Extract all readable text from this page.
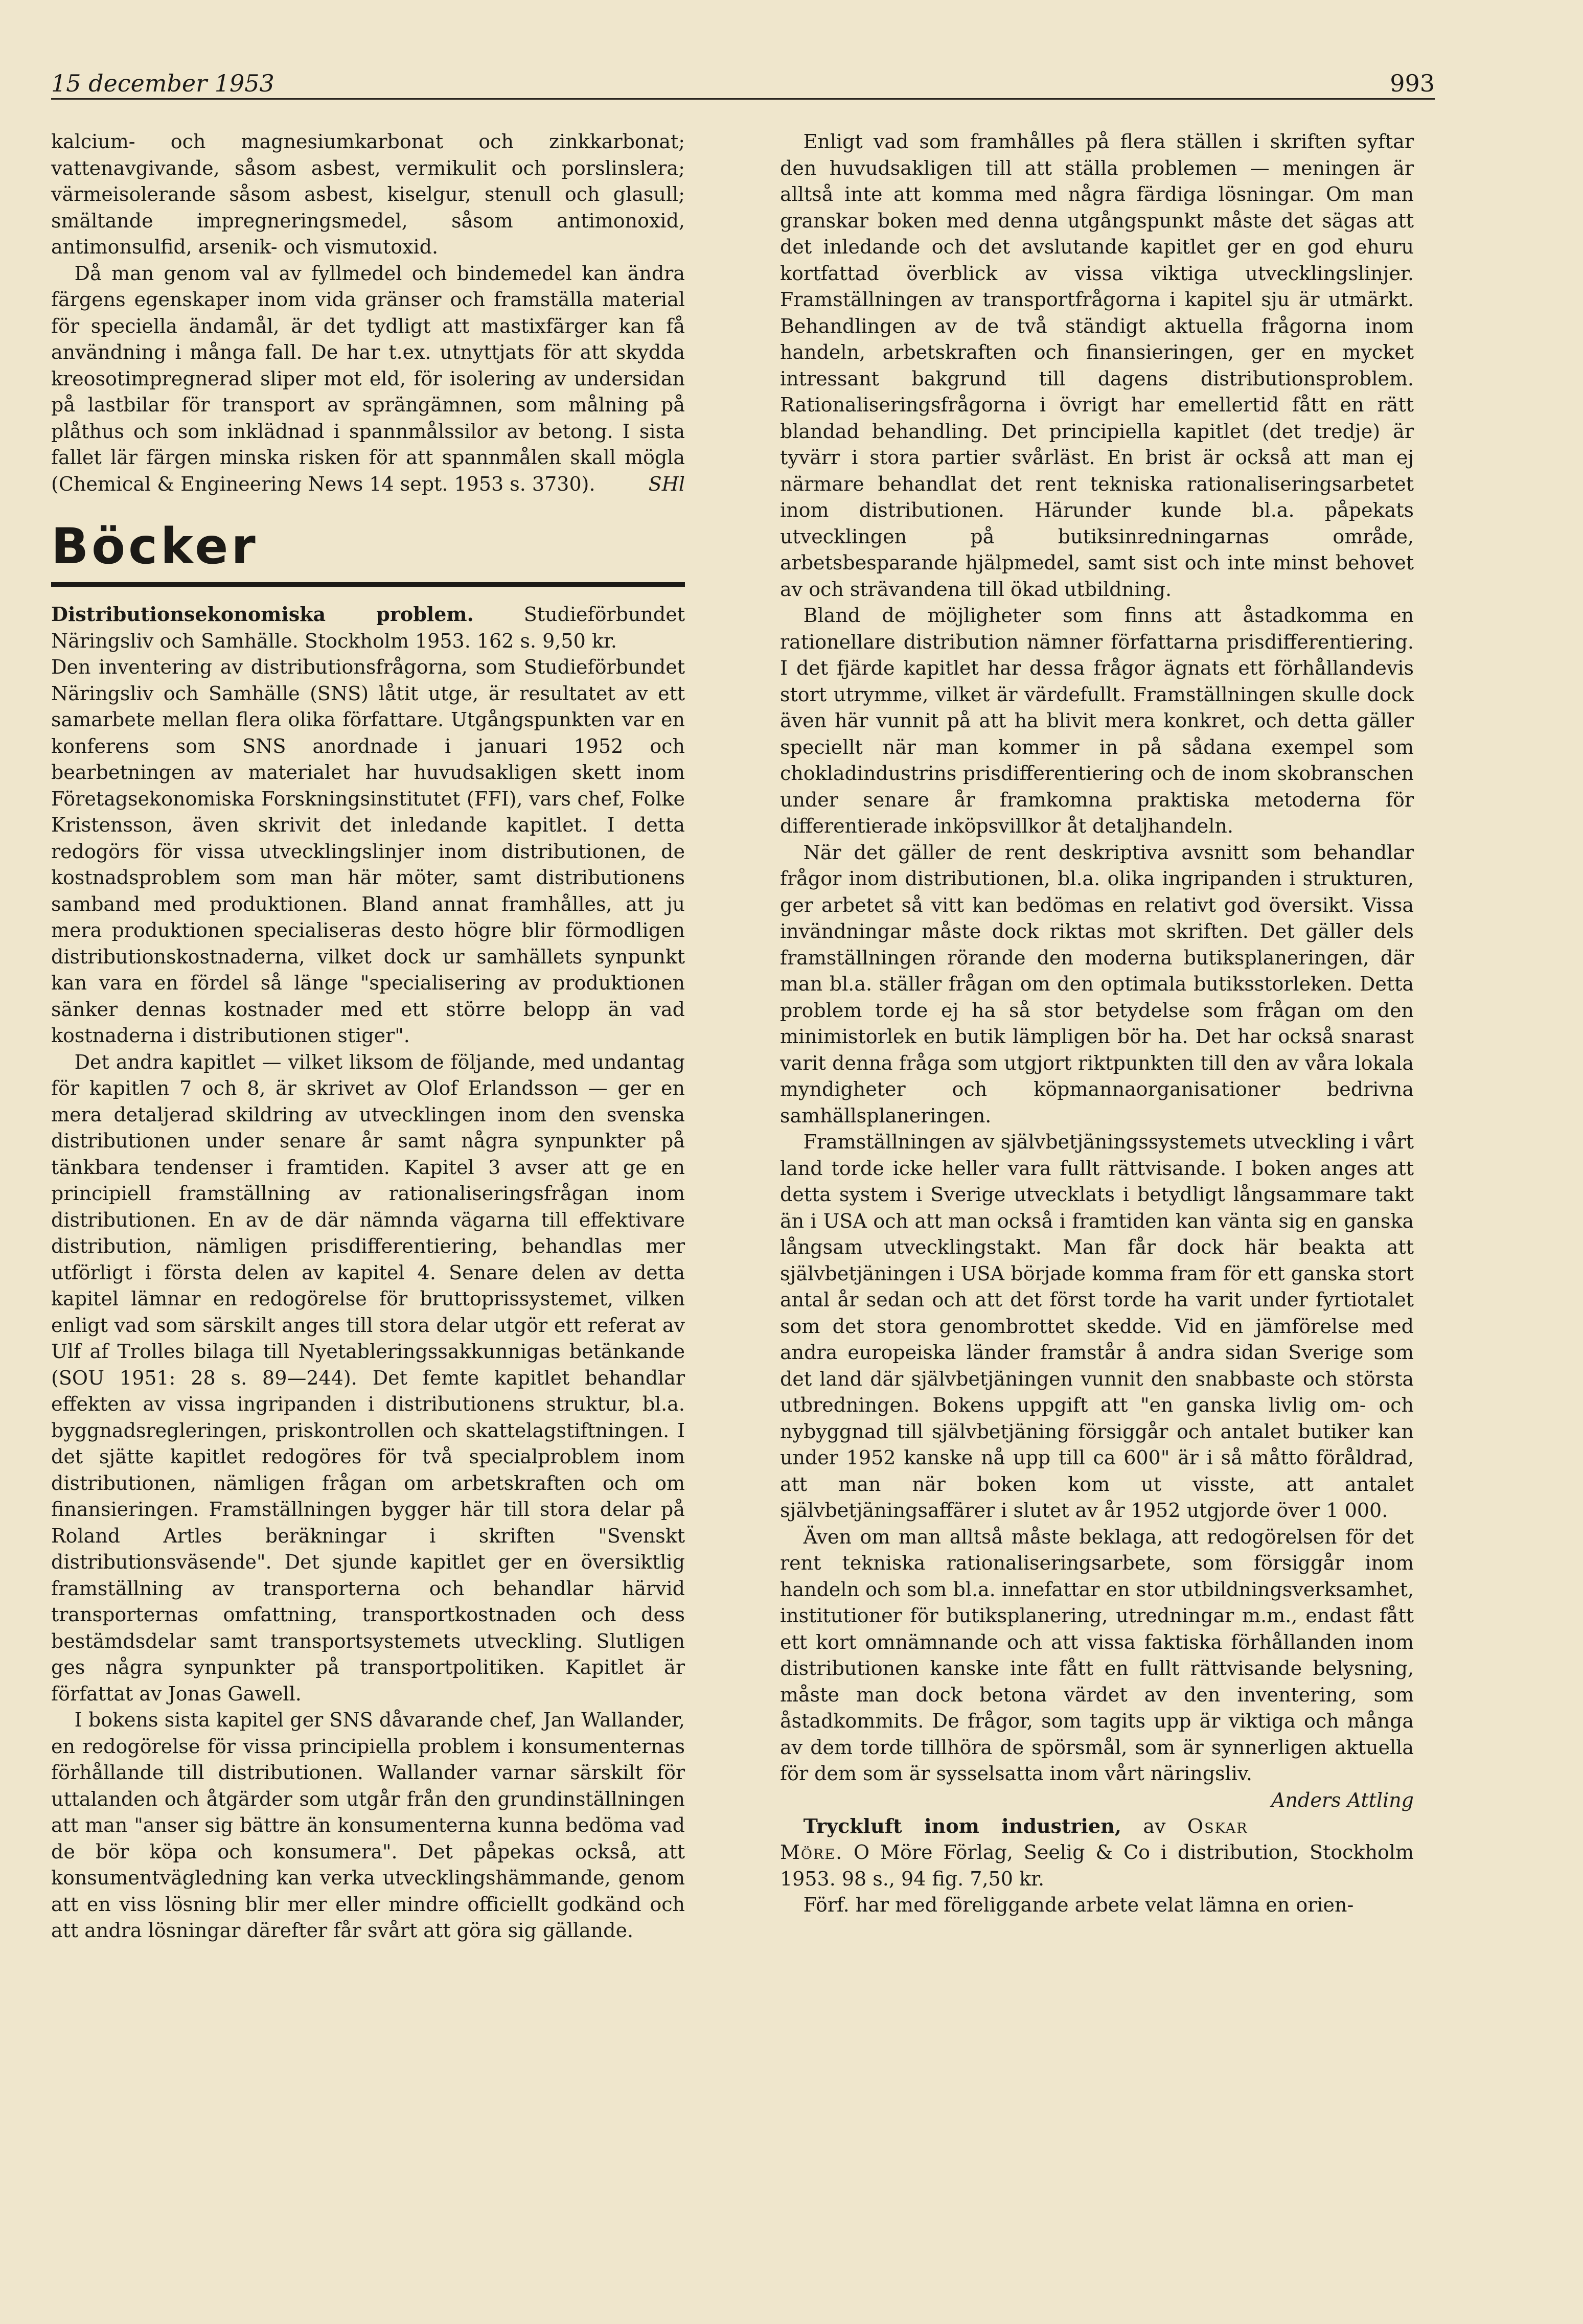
15 december 1953	993

kalcium- och magnesiumkarbonat och zinkkarbonat; vattenavgivande, såsom asbest, vermikulit och porslinslera; värmeisolerande såsom asbest, kiselgur, stenull och glasull; smältande impregneringsmedel, såsom antimonoxid, antimonsulfid, arsenik- och vismutoxid.

Då man genom val av fyllmedel och bindemedel kan ändra färgens egenskaper inom vida gränser och framställa material för speciella ändamål, är det tydligt att mastixfärger kan få användning i många fall. De har t.ex. utnyttjats för att skydda kreosotimpregnerad sliper mot eld, för isolering av undersidan på lastbilar för transport av sprängämnen, som målning på plåthus och som inklädnad i spannmålssilor av betong. I sista fallet lär färgen minska risken för att spannmålen skall mögla (Chemical & Engineering News 14 sept. 1953 s. 3730).	SHl

Böcker

Distributionsekonomiska problem.	Studieförbundet Näringsliv och Samhälle. Stockholm 1953. 162 s. 9,50 kr.

Den inventering av distributionsfrågorna, som Studieförbundet Näringsliv och Samhälle (SNS) låtit utge, är resultatet av ett samarbete mellan flera olika författare. Utgångspunkten var en konferens som SNS anordnade i januari 1952 och bearbetningen av materialet har huvudsakligen skett inom Företagsekonomiska Forskningsinstitutet (FFI), vars chef, Folke Kristensson, även skrivit det inledande kapitlet. I detta redogörs för vissa utvecklingslinjer inom distributionen, de kostnadsproblem som man här möter, samt distributionens samband med produktionen. Bland annat framhålles, att ju mera produktionen specialiseras desto högre blir förmodligen distributionskostnaderna, vilket dock ur samhällets synpunkt kan vara en fördel så länge "specialisering av produktionen sänker dennas kostnader med ett större belopp än vad kostnaderna i distributionen stiger".

Det andra kapitlet — vilket liksom de följande, med undantag för kapitlen 7 och 8, är skrivet av Olof Erlandsson — ger en mera detaljerad skildring av utvecklingen inom den svenska distributionen under senare år samt några synpunkter på tänkbara tendenser i framtiden. Kapitel 3 avser att ge en principiell framställning av rationaliseringsfrågan inom distributionen. En av de där nämnda vägarna till effektivare distribution, nämligen prisdifferentiering, behandlas mer utförligt i första delen av kapitel 4. Senare delen av detta kapitel lämnar en redogörelse för bruttoprissystemet, vilken enligt vad som särskilt anges till stora delar utgör ett referat av Ulf af Trolles bilaga till Nyetableringssakkunnigas betänkande (SOU 1951: 28 s. 89—244). Det femte kapitlet behandlar effekten av vissa ingripanden i distributionens struktur, bl.a. byggnadsregleringen, priskontrollen och skattelagstiftningen. I det sjätte kapitlet redogöres för två specialproblem inom distributionen, nämligen frågan om arbetskraften och om finansieringen. Framställningen bygger här till stora delar på Roland Artles beräkningar i skriften "Svenskt distributionsväsende". Det sjunde kapitlet ger en översiktlig framställning av transporterna och behandlar härvid transporternas omfattning, transportkostnaden och dess bestämdsdelar samt transportsystemets utveckling. Slutligen ges några synpunkter på transportpolitiken. Kapitlet är författat av Jonas Gawell.

I bokens sista kapitel ger SNS dåvarande chef, Jan Wallander, en redogörelse för vissa principiella problem i konsumenternas förhållande till distributionen. Wallander varnar särskilt för uttalanden och åtgärder som utgår från den grundinställningen att man "anser sig bättre än konsumenterna kunna bedöma vad de bör köpa och konsumera". Det påpekas också, att konsumentvägledning kan verka utvecklingshämmande, genom att en viss lösning blir mer eller mindre officiellt godkänd och att andra lösningar därefter får svårt att göra sig gällande.

Enligt vad som framhålles på flera ställen i skriften syftar den huvudsakligen till att ställa problemen — meningen är alltså inte att komma med några färdiga lösningar. Om man granskar boken med denna utgångspunkt måste det sägas att det inledande och det avslutande kapitlet ger en god ehuru kortfattad överblick av vissa viktiga utvecklingslinjer. Framställningen av transportfrågorna i kapitel sju är utmärkt. Behandlingen av de två ständigt aktuella frågorna inom handeln, arbetskraften och finansieringen, ger en mycket intressant bakgrund till dagens distributionsproblem. Rationaliseringsfrågorna i övrigt har emellertid fått en rätt blandad behandling. Det principiella kapitlet (det tredje) är tyvärr i stora partier svårläst. En brist är också att man ej närmare behandlat det rent tekniska rationaliseringsarbetet inom distributionen. Härunder kunde bl.a. påpekats utvecklingen på butiksinredningarnas område, arbetsbesparande hjälpmedel, samt sist och inte minst behovet av och strävandena till ökad utbildning.

Bland de möjligheter som finns att åstadkomma en rationellare distribution nämner författarna prisdifferentiering. I det fjärde kapitlet har dessa frågor ägnats ett förhållandevis stort utrymme, vilket är värdefullt. Framställningen skulle dock även här vunnit på att ha blivit mera konkret, och detta gäller speciellt när man kommer in på sådana exempel som chokladindustrins prisdifferentiering och de inom skobranschen under senare år framkomna praktiska metoderna för differentierade inköpsvillkor åt detaljhandeln.

När det gäller de rent deskriptiva avsnitt som behandlar frågor inom distributionen, bl.a. olika ingripanden i strukturen, ger arbetet så vitt kan bedömas en relativt god översikt. Vissa invändningar måste dock riktas mot skriften. Det gäller dels framställningen rörande den moderna butiksplaneringen, där man bl.a. ställer frågan om den optimala butiksstorleken. Detta problem torde ej ha så stor betydelse som frågan om den minimistorlek en butik lämpligen bör ha. Det har också snarast varit denna fråga som utgjort riktpunkten till den av våra lokala myndigheter och köpmannaorganisationer bedrivna samhällsplaneringen.

Framställningen av självbetjäningssystemets utveckling i vårt land torde icke heller vara fullt rättvisande. I boken anges att detta system i Sverige utvecklats i betydligt långsammare takt än i USA och att man också i framtiden kan vänta sig en ganska långsam utvecklingstakt. Man får dock här beakta att självbetjäningen i USA började komma fram för ett ganska stort antal år sedan och att det först torde ha varit under fyrtiotalet som det stora genombrottet skedde. Vid en jämförelse med andra europeiska länder framstår å andra sidan Sverige som det land där självbetjäningen vunnit den snabbaste och största utbredningen. Bokens uppgift att "en ganska livlig om- och nybyggnad till självbetjäning försiggår och antalet butiker kan under 1952 kanske nå upp till ca 600" är i så måtto föråldrad, att man när boken kom ut visste, att antalet självbetjäningsaffärer i slutet av år 1952 utgjorde över 1 000.

Även om man alltså måste beklaga, att redogörelsen för det rent tekniska rationaliseringsarbete, som försiggår inom handeln och som bl.a. innefattar en stor utbildningsverksamhet, institutioner för butiksplanering, utredningar m.m., endast fått ett kort omnämnande och att vissa faktiska förhållanden inom distributionen kanske inte fått en fullt rättvisande belysning, måste man dock betona värdet av den inventering, som åstadkommits. De frågor, som tagits upp är viktiga och många av dem torde tillhöra de spörsmål, som är synnerligen aktuella för dem som är sysselsatta inom vårt näringsliv.
Anders Attling

Tryckluft inom industrien, av Oskar Möre. O Möre Förlag, Seelig & Co i distribution, Stockholm 1953. 98 s., 94 fig. 7,50 kr.

Förf. har med föreliggande arbete velat lämna en orien-
